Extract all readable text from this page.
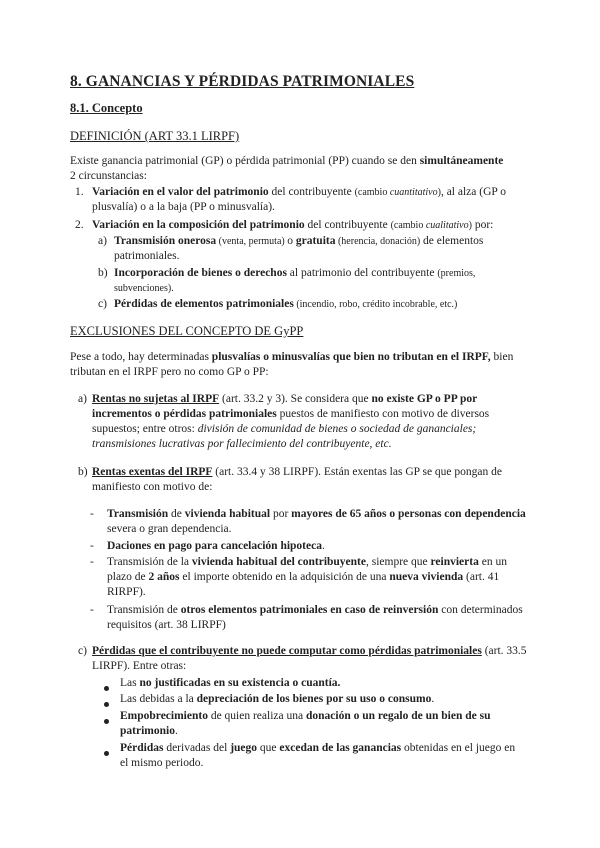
8. GANANCIAS Y PÉRDIDAS PATRIMONIALES
8.1. Concepto
DEFINICIÓN (ART 33.1 LIRPF)
Existe ganancia patrimonial (GP) o pérdida patrimonial (PP) cuando se den simultáneamente
2 circunstancias:
1. Variación en el valor del patrimonio del contribuyente (cambio cuantitativo), al alza (GP o
plusvalía) o a la baja (PP o minusvalía).
2. Variación en la composición del patrimonio del contribuyente (cambio cualitativo) por:
a) Transmisión onerosa (venta, permuta) o gratuita (herencia, donación) de elementos
patrimoniales.
b) Incorporación de bienes o derechos al patrimonio del contribuyente (premios,
subvenciones).
c) Pérdidas de elementos patrimoniales (incendio, robo, crédito incobrable, etc.)
EXCLUSIONES DEL CONCEPTO DE GyPP
Pese a todo, hay determinadas plusvalías o minusvalías que bien no tributan en el IRPF, bien
tributan en el IRPF pero no como GP o PP:
a) Rentas no sujetas al IRPF (art. 33.2 y 3). Se considera que no existe GP o PP por
incrementos o pérdidas patrimoniales puestos de manifiesto con motivo de diversos
supuestos; entre otros: división de comunidad de bienes o sociedad de gananciales;
transmisiones lucrativas por fallecimiento del contribuyente, etc.
b) Rentas exentas del IRPF (art. 33.4 y 38 LIRPF). Están exentas las GP se que pongan de
manifiesto con motivo de:
- Transmisión de vivienda habitual por mayores de 65 años o personas con dependencia
severa o gran dependencia.
- Daciones en pago para cancelación hipoteca.
- Transmisión de la vivienda habitual del contribuyente, siempre que reinvierta en un
plazo de 2 años el importe obtenido en la adquisición de una nueva vivienda (art. 41
RIRPF).
- Transmisión de otros elementos patrimoniales en caso de reinversión con determinados
requisitos (art. 38 LIRPF)
c) Pérdidas que el contribuyente no puede computar como pérdidas patrimoniales (art. 33.5
LIRPF). Entre otras:
Las no justificadas en su existencia o cuantía.
Las debidas a la depreciación de los bienes por su uso o consumo.
Empobrecimiento de quien realiza una donación o un regalo de un bien de su
patrimonio.
Pérdidas derivadas del juego que excedan de las ganancias obtenidas en el juego en
el mismo periodo.
